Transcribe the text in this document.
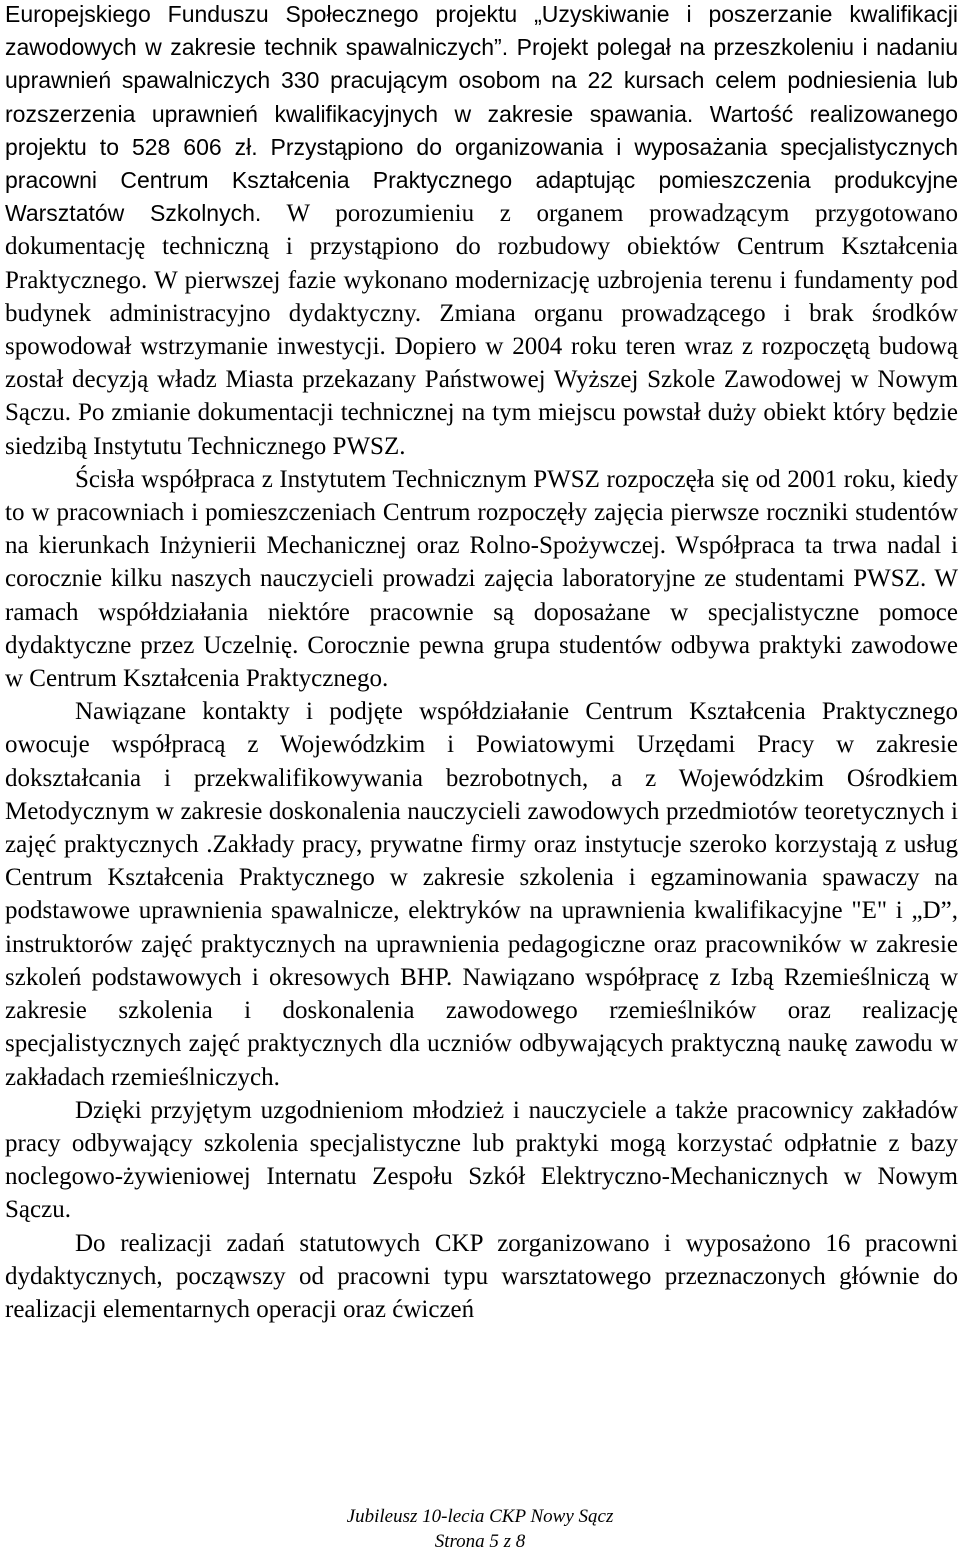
Europejskiego Funduszu Społecznego projektu „Uzyskiwanie i poszerzanie kwalifikacji zawodowych w zakresie technik spawalniczych”. Projekt polegał na przeszkoleniu i nadaniu uprawnień spawalniczych 330 pracującym osobom na 22 kursach celem podniesienia lub rozszerzenia uprawnień kwalifikacyjnych w zakresie spawania. Wartość realizowanego projektu to 528 606 zł. Przystąpiono do organizowania i wyposażania specjalistycznych pracowni Centrum Kształcenia Praktycznego adaptując pomieszczenia produkcyjne Warsztatów Szkolnych. W porozumieniu z organem prowadzącym przygotowano dokumentację techniczną i przystąpiono do rozbudowy obiektów Centrum Kształcenia Praktycznego. W pierwszej fazie wykonano modernizację uzbrojenia terenu i fundamenty pod budynek administracyjno dydaktyczny. Zmiana organu prowadzącego i brak środków spowodował wstrzymanie inwestycji. Dopiero w 2004 roku teren wraz z rozpoczętą budową został decyzją władz Miasta przekazany Państwowej Wyższej Szkole Zawodowej w Nowym Sączu. Po zmianie dokumentacji technicznej na tym miejscu powstał duży obiekt który będzie siedzibą Instytutu Technicznego PWSZ.

Ścisła współpraca z Instytutem Technicznym PWSZ rozpoczęła się od 2001 roku, kiedy to w pracowniach i pomieszczeniach Centrum rozpoczęły zajęcia pierwsze roczniki studentów na kierunkach Inżynierii Mechanicznej oraz Rolno-Spożywczej. Współpraca ta trwa nadal i corocznie kilku naszych nauczycieli prowadzi zajęcia laboratoryjne ze studentami PWSZ. W ramach współdziałania niektóre pracownie są doposażane w specjalistyczne pomoce dydaktyczne przez Uczelnię. Corocznie pewna grupa studentów odbywa praktyki zawodowe w Centrum Kształcenia Praktycznego.

Nawiązane kontakty i podjęte współdziałanie Centrum Kształcenia Praktycznego owocuje współpracą z Wojewódzkim i Powiatowymi Urzędami Pracy w zakresie dokształcania i przekwalifikowywania bezrobotnych, a z Wojewódzkim Ośrodkiem Metodycznym w zakresie doskonalenia nauczycieli zawodowych przedmiotów teoretycznych i zajęć praktycznych .Zakłady pracy, prywatne firmy oraz instytucje szeroko korzystają z usług Centrum Kształcenia Praktycznego w zakresie szkolenia i egzaminowania spawaczy na podstawowe uprawnienia spawalnicze, elektryków na uprawnienia kwalifikacyjne "E" i „D”, instruktorów zajęć praktycznych na uprawnienia pedagogiczne oraz pracowników w zakresie szkoleń podstawowych i okresowych BHP. Nawiązano współpracę z Izbą Rzemieślniczą w zakresie szkolenia i doskonalenia zawodowego rzemieślników oraz realizację specjalistycznych zajęć praktycznych dla uczniów odbywających praktyczną naukę zawodu w zakładach rzemieślniczych.

Dzięki przyjętym uzgodnieniom młodzież i nauczyciele a także pracownicy zakładów pracy odbywający szkolenia specjalistyczne lub praktyki mogą korzystać odpłatnie z bazy noclegowo-żywieniowej Internatu Zespołu Szkół Elektryczno-Mechanicznych w Nowym Sączu.

Do realizacji zadań statutowych CKP zorganizowano i wyposażono 16 pracowni dydaktycznych, począwszy od pracowni typu warsztatowego przeznaczonych głównie do realizacji elementarnych operacji oraz ćwiczeń

Jubileusz 10-lecia CKP Nowy Sącz
Strona 5 z 8
